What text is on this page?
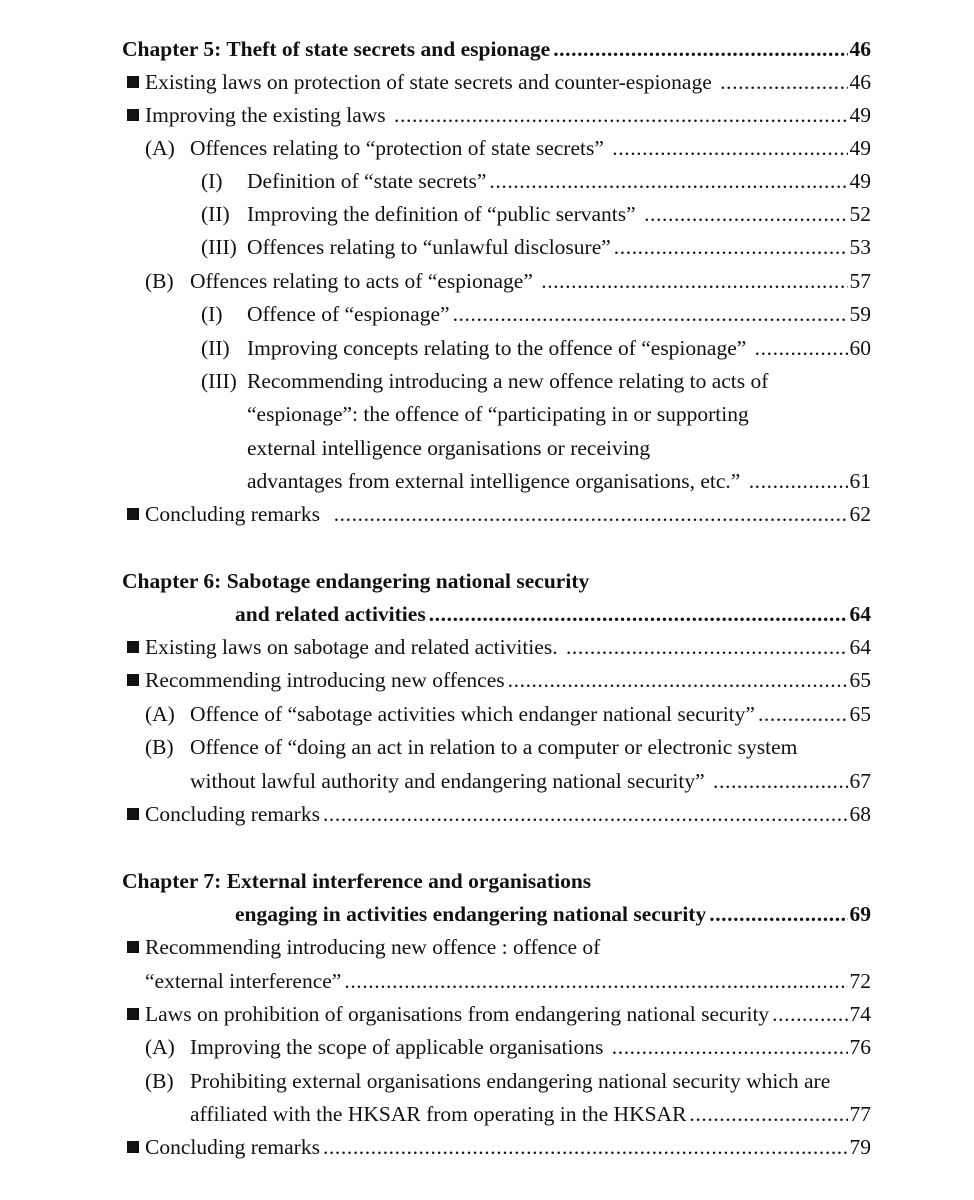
Chapter 5: Theft of state secrets and espionage .....	46
Existing laws on protection of state secrets and counter-espionage .....	46
Improving the existing laws .....	49
(A) Offences relating to “protection of state secrets” .....	49
(I) Definition of “state secrets” .....	49
(II) Improving the definition of “public servants” .....	52
(III) Offences relating to “unlawful disclosure” .....	53
(B) Offences relating to acts of “espionage” .....	57
(I) Offence of “espionage” .....	59
(II) Improving concepts relating to the offence of “espionage” .....	60
(III) Recommending introducing a new offence relating to acts of
“espionage”: the offence of “participating in or supporting
external intelligence organisations or receiving
advantages from external intelligence organisations, etc.” .....	61
Concluding remarks .....	62
Chapter 6: Sabotage endangering national security
and related activities .....	64
Existing laws on sabotage and related activities. .....	64
Recommending introducing new offences .....	65
(A) Offence of “sabotage activities which endanger national security” .....	65
(B) Offence of “doing an act in relation to a computer or electronic system
without lawful authority and endangering national security” .....	67
Concluding remarks .....	68
Chapter 7: External interference and organisations
engaging in activities endangering national security .....	69
Recommending introducing new offence : offence of
“external interference” .....	72
Laws on prohibition of organisations from endangering national security .....	74
(A) Improving the scope of applicable organisations .....	76
(B) Prohibiting external organisations endangering national security which are
affiliated with the HKSAR from operating in the HKSAR .....	77
Concluding remarks .....	79
